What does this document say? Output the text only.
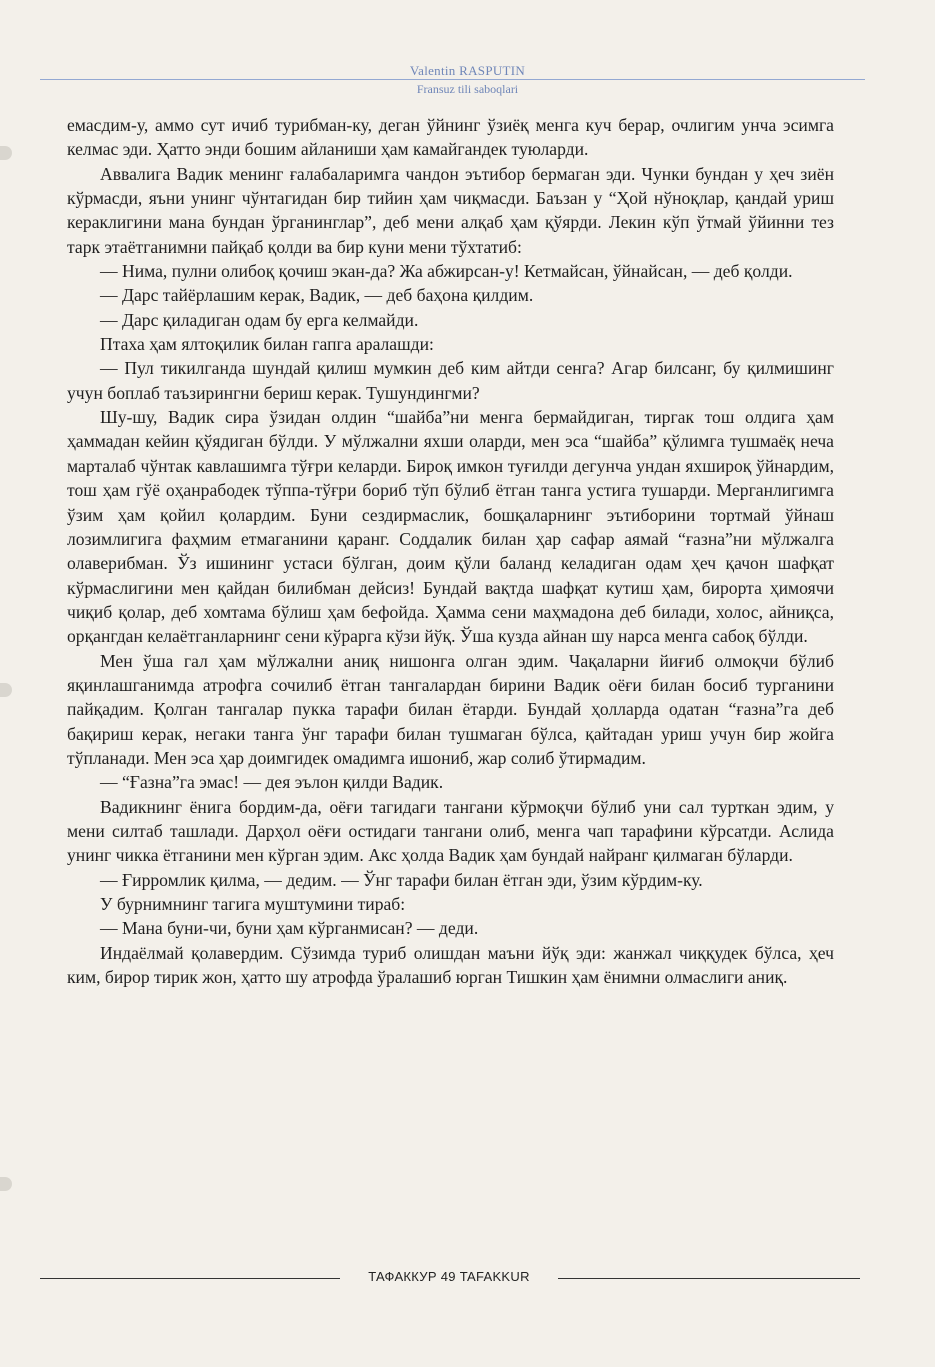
Valentin RASPUTIN
Fransuz tili saboqlari

емасдим-у, аммо сут ичиб турибман-ку, деган ўйнинг ўзиёқ менга куч берар, очлигим унча эсимга келмас эди. Ҳатто энди бошим айланиши ҳам камайгандек туюларди.

Аввалига Вадик менинг ғалабаларимга чандон эътибор бермаган эди. Чунки бундан у ҳеч зиён кўрмасди, яъни унинг чўнтагидан бир тийин ҳам чиқмасди. Баъзан у “Ҳой нўноқлар, қандай уриш кераклигини мана бундан ўрганинглар”, деб мени алқаб ҳам қўярди. Лекин кўп ўтмай ўйинни тез тарк этаётганимни пайқаб қолди ва бир куни мени тўхтатиб:

— Нима, пулни олибоқ қочиш экан-да? Жа абжирсан-у! Кетмайсан, ўйнайсан, — деб қолди.

— Дарс тайёрлашим керак, Вадик, — деб баҳона қилдим.

— Дарс қиладиган одам бу ерга келмайди.

Птаха ҳам ялтоқилик билан гапга аралашди:

— Пул тикилганда шундай қилиш мумкин деб ким айтди сенга? Агар билсанг, бу қилмишинг учун боплаб таъзирингни бериш керак. Тушундингми?

Шу-шу, Вадик сира ўзидан олдин “шайба”ни менга бермайдиган, тиргак тош олдига ҳам ҳаммадан кейин қўядиган бўлди. У мўлжални яхши оларди, мен эса “шайба” қўлимга тушмаёқ неча марталаб чўнтак кавлашимга тўғри келарди. Бироқ имкон туғилди дегунча ундан яхшироқ ўйнардим, тош ҳам гўё оҳанрабодек тўппа-тўғри бориб тўп бўлиб ётган танга устига тушарди. Мерганлигимга ўзим ҳам қойил қолардим. Буни сездирмаслик, бошқаларнинг эътиборини тортмай ўйнаш лозимлигига фаҳмим етмаганини қаранг. Соддалик билан ҳар сафар аямай “ғазна”ни мўлжалга олаверибман. Ўз ишининг устаси бўлган, доим қўли баланд келадиган одам ҳеч қачон шафқат кўрмаслигини мен қайдан билибман дейсиз! Бундай вақтда шафқат кутиш ҳам, бирорта ҳимоячи чиқиб қолар, деб хомтама бўлиш ҳам бефойда. Ҳамма сени маҳмадона деб билади, холос, айниқса, орқангдан келаётганларнинг сени кўрарга кўзи йўқ. Ўша кузда айнан шу нарса менга сабоқ бўлди.

Мен ўша гал ҳам мўлжални аниқ нишонга олган эдим. Чақаларни йиғиб олмоқчи бўлиб яқинлашганимда атрофга сочилиб ётган тангалардан бирини Вадик оёғи билан босиб турганини пайқадим. Қолган тангалар пукка тарафи билан ётарди. Бундай ҳолларда одатан “ғазна”га деб бақириш керак, негаки танга ўнг тарафи билан тушмаган бўлса, қайтадан уриш учун бир жойга тўпланади. Мен эса ҳар доимгидек омадимга ишониб, жар солиб ўтирмадим.

— “Ғазна”га эмас! — дея эълон қилди Вадик.

Вадикнинг ёнига бордим-да, оёғи тагидаги тангани кўрмоқчи бўлиб уни сал турткан эдим, у мени силтаб ташлади. Дарҳол оёғи остидаги тангани олиб, менга чап тарафини кўрсатди. Аслида унинг чикка ётганини мен кўрган эдим. Акс ҳолда Вадик ҳам бундай найранг қилмаган бўларди.

— Ғирромлик қилма, — дедим. — Ўнг тарафи билан ётган эди, ўзим кўрдим-ку.

У бурнимнинг тагига муштумини тираб:

— Мана буни-чи, буни ҳам кўрганмисан? — деди.

Индаёлмай қолавердим. Сўзимда туриб олишдан маъни йўқ эди: жанжал чиққудек бўлса, ҳеч ким, бирор тирик жон, ҳатто шу атрофда ўралашиб юрган Тишкин ҳам ёнимни олмаслиги аниқ.

ТАФАККУР 49 TAFAKKUR
